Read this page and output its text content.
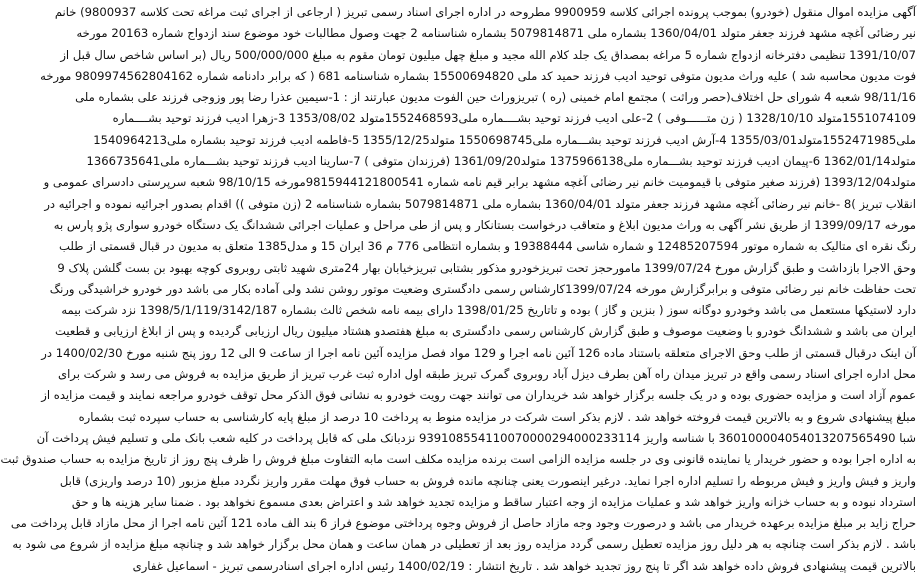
آگهی مزایده اموال منقول (خودرو) بموجب پرونده اجرائی کلاسه 9900959 مطروحه در اداره اجرای اسناد رسمی تبریز ( ارجاعی از اجرای ثبت مراغه تحت کلاسه 9800937) خانم
نیر رضائی آغچه مشهد فرزند جعفر متولد 1360/04/01 بشماره ملی 5079814871 بشماره شناسنامه 2 جهت وصول مطالبات خود موضوع سند ازدواج شماره 20163 مورخه
1391/10/07 تنظیمی دفترخانه ازدواج شماره 5 مراغه بمصداق یک جلد کلام الله مجید و مبلغ چهل میلیون تومان مقوم به مبلغ 500/000/000 ریال (بر اساس شاخص سال قبل از
فوت مدیون محاسبه شد ) علیه وراث مدیون متوفی توحید ادیب فرزند حمید کد ملی 15500694820 بشماره شناسنامه 681 ( که برابر دادنامه شماره 9809974562804162 مورخه
98/11/16 شعبه 4 شورای حل اختلاف(حصر وراثت ) مجتمع امام خمینی (ره ) تبریزوراث حین الفوت مدیون عبارتند از : 1-سیمین عذرا رضا پور وزوجی فرزند علی بشماره ملی
1551074109متولد 1328/10/10 ( زن متــــــوفی ) 2-علی ادیب فرزند توحید بشــــماره ملی1552468593متولد 1353/08/02 3-زهرا ادیب فرزند توحید بشــــماره
ملی1552471985متولد1355/03/01 4-آرش ادیب فرزند توحید بشـــماره ملی1550698745 متولد1355/12/25 5-فاطمه ادیب فرزند توحید بشماره ملی1540964213
متولد1362/01/14 6-پیمان ادیب فرزند توحید بشـــماره ملی1375966138 متولد1361/09/20 (فرزندان متوفی ) 7-سارینا ادیب فرزند توحید بشـــماره ملی1366735641
متولد1393/12/04 (فرزند صغیر متوفی با قیمومیت خانم نیر رضائی آغچه مشهد برابر قیم نامه شماره 9815944121800541مورخه 98/10/15 شعبه سرپرستی دادسرای عمومی و
انقلاب تبریز )8 -خانم نیر رضائی آغچه مشهد فرزند جعفر متولد 1360/04/01 بشماره ملی 5079814871 بشماره شناسنامه 2 (زن متوفی )) اقدام بصدور اجرائیه نموده و اجرائیه در
مورخه 1399/09/17 از طریق نشر آگهی به وراث مدیون ابلاغ و متعاقب درخواست بستانکار و پس از طی مراحل و عملیات اجرائی ششدانگ یک دستگاه خودرو سواری پژو پارس به
رنگ نقره ای متالیک به شماره موتور 12485207594 و شماره شاسی 19388444 و بشماره انتظامی 776 م 36 ایران 15 و مدل1385 متعلق به مدیون در قبال قسمتی از طلب
وحق الاجرا بازداشت و طبق گزارش مورخ 1399/07/24 مامورحجز تحت تبریزخودرو مذکور بشتابی تبریزخیابان بهار 24متری شهید ثابتی روبروی کوچه بهبود بن بست گلشن پلاک 9
تحت حفاظت خانم نیر رضائی متوفی و برابرگزارش مورخه 1399/07/24کارشناس رسمی دادگستری وضعیت موتور روشن نشد ولی آماده بکار می باشد دور خودرو خراشیدگی ورنگ
دارد لاستیکها مستعمل می باشد وخودرو دوگانه سوز ( بنزین و گاز ) بوده و تاتاریخ 1398/01/25 دارای بیمه نامه شخص ثالث بشماره 1398/5/1/119/3142/187 نزد شرکت بیمه
ایران می باشد و ششدانگ خودرو با وضعیت موصوف و طبق گزارش کارشناس رسمی دادگستری به مبلغ هفتصدو هشتاد میلیون ریال ارزیابی گردیده و پس از ابلاغ ارزیابی و قطعیت
آن اینک درقبال قسمتی از طلب وحق الاجرای متعلقه باستناد ماده 126 آئین نامه اجرا و 129 مواد فصل مزایده آئین نامه اجرا از ساعت 9 الی 12 روز پنج شنبه مورخ 1400/02/30 در
محل اداره اجرای اسناد رسمی واقع در تبریز میدان راه آهن بطرف ديزل آباد روبروی گمرک تبریز طبقه اول اداره ثبت غرب تبریز از طریق مزایده به فروش می رسد و شرکت برای
عموم آزاد است و مزایده حضوری بوده و در یک جلسه برگزار خواهد شد خریداران می توانند جهت رویت خودرو به نشانی فوق الذکر محل توقف خودرو مراجعه نمایند و قیمت مزایده از
مبلغ پیشنهادی شروع و به بالاترین قیمت فروخته خواهد شد . لازم بذکر است شرکت در مزایده منوط به پرداخت 10 درصد از مبلغ پایه کارشناسی به حساب سپرده ثبت بشماره
شبا 360100004054013207565490 با شناسه واریز 939108554110070000294000233114 نزدبانک ملی که قابل پرداخت در کلیه شعب بانک ملی و تسلیم فیش پرداخت آن
به اداره اجرا بوده و حضور خریدار یا نماینده قانونی وی در جلسه مزایده الزامی است برنده مزایده مکلف است مابه التفاوت مبلغ فروش را ظرف پنج روز از تاریخ مزایده به حساب صندوق ثبت
واریز و فیش واریز و فیش مربوطه را تسلیم اداره اجرا نماید. درغیر اینصورت یعنی چنانچه مانده فروش به حساب فوق مهلت مقرر واریز نگردد مبلغ مزبور (10 درصد واریزی) قابل
استرداد نبوده و به حساب خزانه واریز خواهد شد و عملیات مزایده از وجه اعتبار ساقط و مزایده تجدید خواهد شد و اعتراض بعدی مسموع نخواهد بود . ضمنا سایر هزینه ها و حق
حراج زاید بر مبلغ مزایده برعهده خریدار می باشد و درصورت وجود وجه مازاد حاصل از فروش وجوه پرداختی موضوع فراز 6 بند الف ماده 121 آئین نامه اجرا از محل مازاد قابل پرداخت می
باشد . لازم بذکر است چنانچه به هر دلیل روز مزایده تعطیل رسمی گردد مزایده روز بعد از تعطیلی در همان ساعت و همان محل برگزار خواهد شد و چنانچه مبلغ مزایده از شروع می شود به
بالاترین قیمت پیشنهادی فروش داده خواهد شد اگر تا پنج روز تجدید خواهد شد . تاریخ انتشار : 1400/02/19 رئیس اداره اجرای اسنادرسمی تبریز - اسماعیل غفاری
